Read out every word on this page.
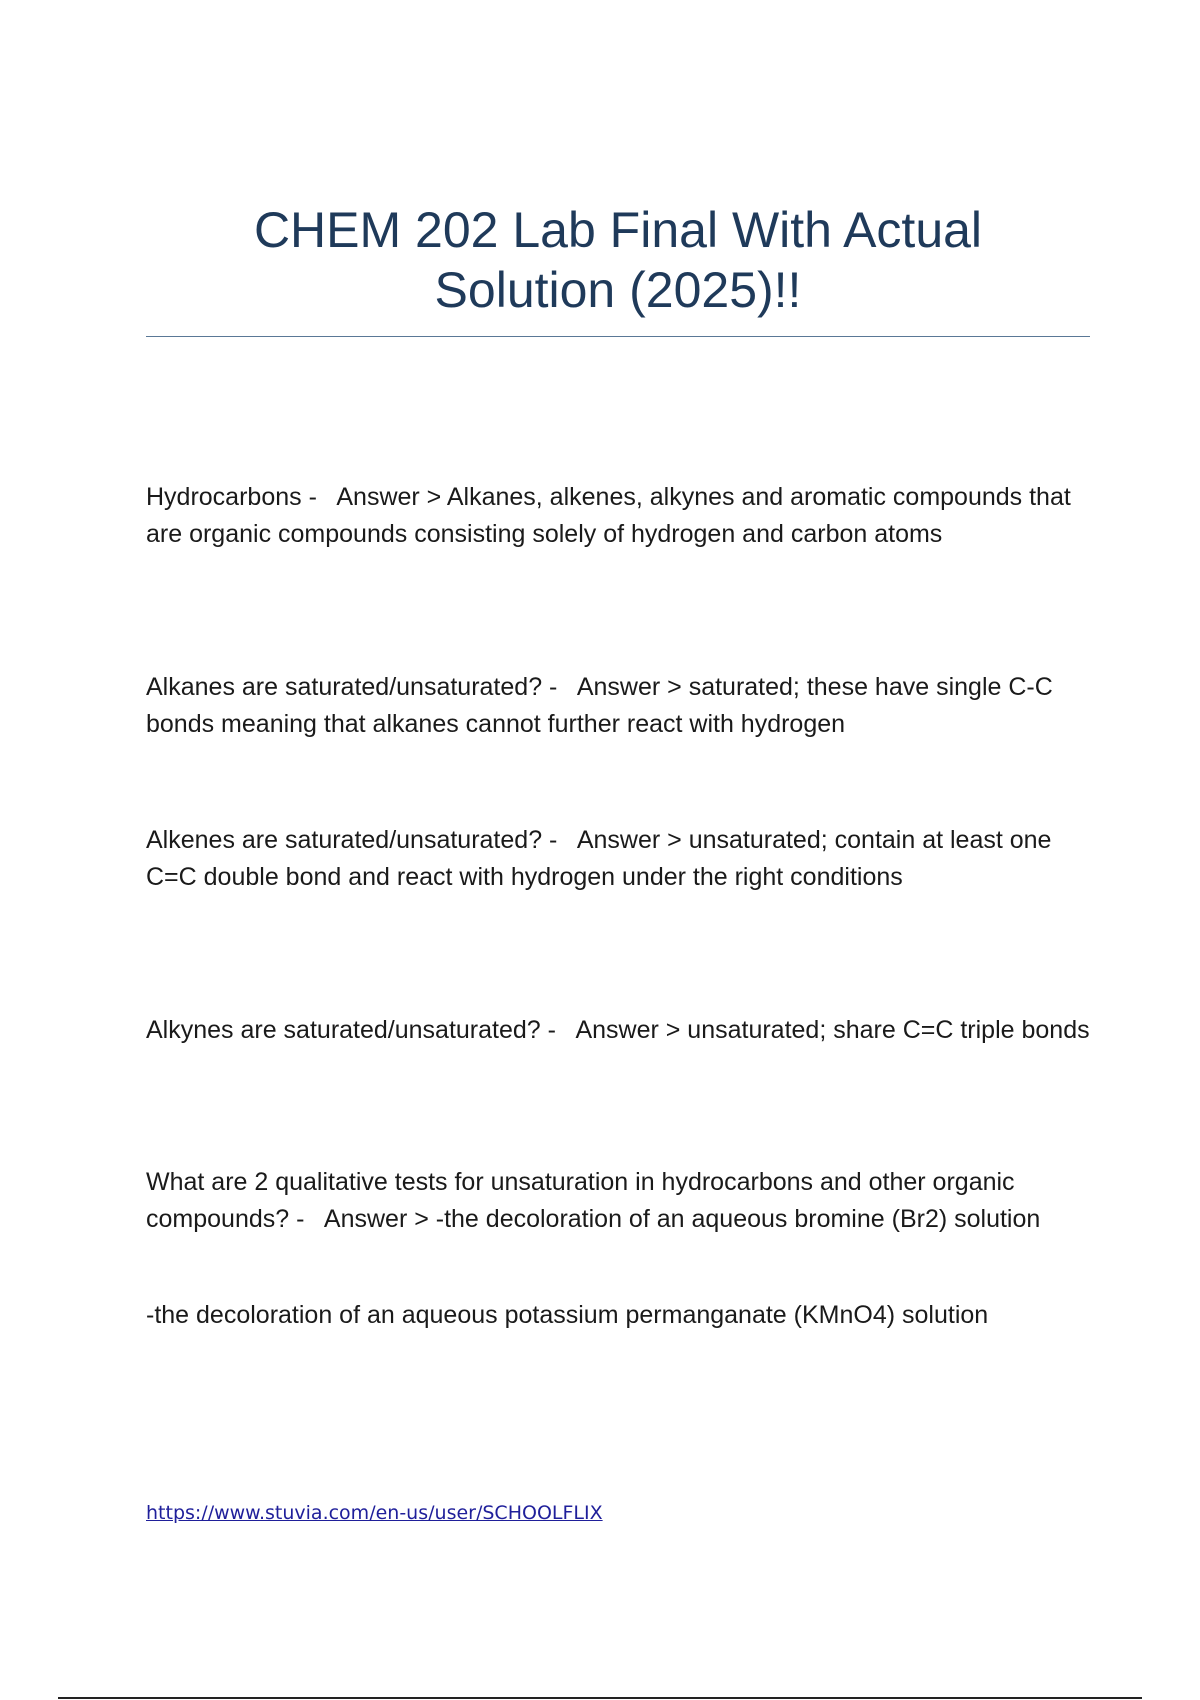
CHEM 202 Lab Final With Actual
Solution (2025)!!

Hydrocarbons - Answer > Alkanes, alkenes, alkynes and aromatic compounds that are organic compounds consisting solely of hydrogen and carbon atoms

Alkanes are saturated/unsaturated? - Answer > saturated; these have single C-C bonds meaning that alkanes cannot further react with hydrogen

Alkenes are saturated/unsaturated? - Answer > unsaturated; contain at least one C=C double bond and react with hydrogen under the right conditions

Alkynes are saturated/unsaturated? - Answer > unsaturated; share C=C triple bonds

What are 2 qualitative tests for unsaturation in hydrocarbons and other organic compounds? - Answer > -the decoloration of an aqueous bromine (Br2) solution

-the decoloration of an aqueous potassium permanganate (KMnO4) solution

https://www.stuvia.com/en-us/user/SCHOOLFLIX
